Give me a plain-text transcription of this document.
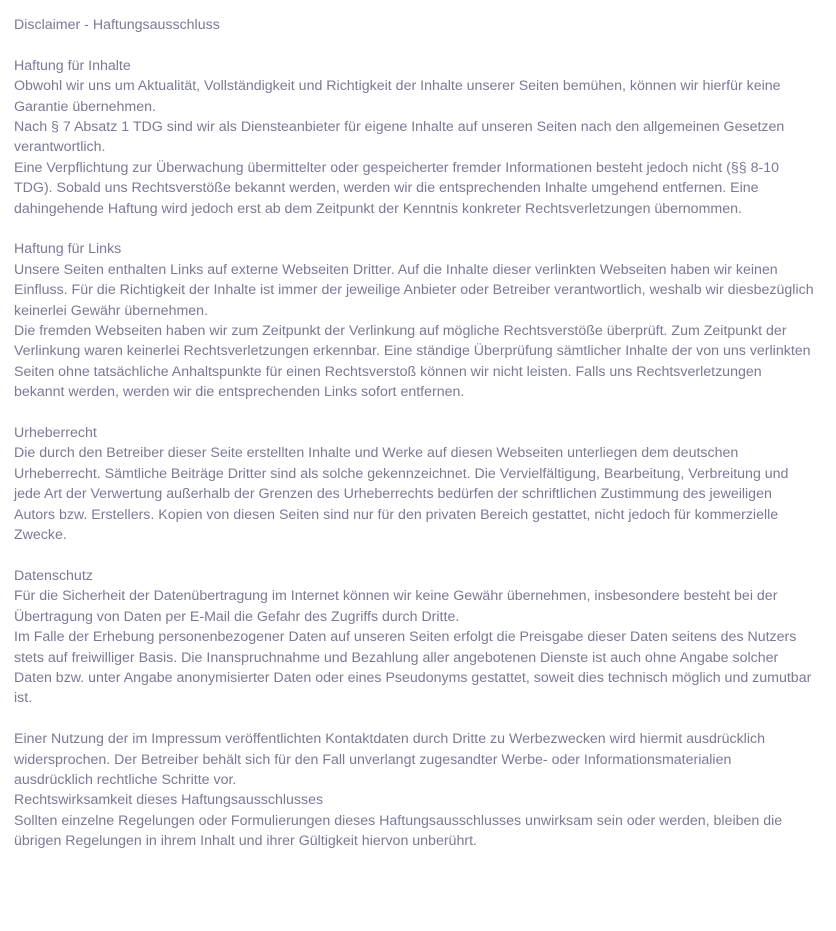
Disclaimer - Haftungsausschluss
Haftung für Inhalte
Obwohl wir uns um Aktualität, Vollständigkeit und Richtigkeit der Inhalte unserer Seiten bemühen, können wir hierfür keine Garantie übernehmen.
Nach § 7 Absatz 1 TDG sind wir als Diensteanbieter für eigene Inhalte auf unseren Seiten nach den allgemeinen Gesetzen verantwortlich.
Eine Verpflichtung zur Überwachung übermittelter oder gespeicherter fremder Informationen besteht jedoch nicht (§§ 8-10 TDG). Sobald uns Rechtsverstöße bekannt werden, werden wir die entsprechenden Inhalte umgehend entfernen. Eine dahingehende Haftung wird jedoch erst ab dem Zeitpunkt der Kenntnis konkreter Rechtsverletzungen übernommen.
Haftung für Links
Unsere Seiten enthalten Links auf externe Webseiten Dritter. Auf die Inhalte dieser verlinkten Webseiten haben wir keinen Einfluss. Für die Richtigkeit der Inhalte ist immer der jeweilige Anbieter oder Betreiber verantwortlich, weshalb wir diesbezüglich keinerlei Gewähr übernehmen.
Die fremden Webseiten haben wir zum Zeitpunkt der Verlinkung auf mögliche Rechtsverstöße überprüft. Zum Zeitpunkt der Verlinkung waren keinerlei Rechtsverletzungen erkennbar. Eine ständige Überprüfung sämtlicher Inhalte der von uns verlinkten Seiten ohne tatsächliche Anhaltspunkte für einen Rechtsverstoß können wir nicht leisten. Falls uns Rechtsverletzungen bekannt werden, werden wir die entsprechenden Links sofort entfernen.
Urheberrecht
Die durch den Betreiber dieser Seite erstellten Inhalte und Werke auf diesen Webseiten unterliegen dem deutschen Urheberrecht. Sämtliche Beiträge Dritter sind als solche gekennzeichnet. Die Vervielfältigung, Bearbeitung, Verbreitung und jede Art der Verwertung außerhalb der Grenzen des Urheberrechts bedürfen der schriftlichen Zustimmung des jeweiligen Autors bzw. Erstellers. Kopien von diesen Seiten sind nur für den privaten Bereich gestattet, nicht jedoch für kommerzielle Zwecke.
Datenschutz
Für die Sicherheit der Datenübertragung im Internet können wir keine Gewähr übernehmen, insbesondere besteht bei der Übertragung von Daten per E-Mail die Gefahr des Zugriffs durch Dritte.
Im Falle der Erhebung personenbezogener Daten auf unseren Seiten erfolgt die Preisgabe dieser Daten seitens des Nutzers stets auf freiwilliger Basis. Die Inanspruchnahme und Bezahlung aller angebotenen Dienste ist auch ohne Angabe solcher Daten bzw. unter Angabe anonymisierter Daten oder eines Pseudonyms gestattet, soweit dies technisch möglich und zumutbar ist.
Einer Nutzung der im Impressum veröffentlichten Kontaktdaten durch Dritte zu Werbezwecken wird hiermit ausdrücklich widersprochen. Der Betreiber behält sich für den Fall unverlangt zugesandter Werbe- oder Informationsmaterialien ausdrücklich rechtliche Schritte vor.
Rechtswirksamkeit dieses Haftungsausschlusses
Sollten einzelne Regelungen oder Formulierungen dieses Haftungsausschlusses unwirksam sein oder werden, bleiben die übrigen Regelungen in ihrem Inhalt und ihrer Gültigkeit hiervon unberührt.
